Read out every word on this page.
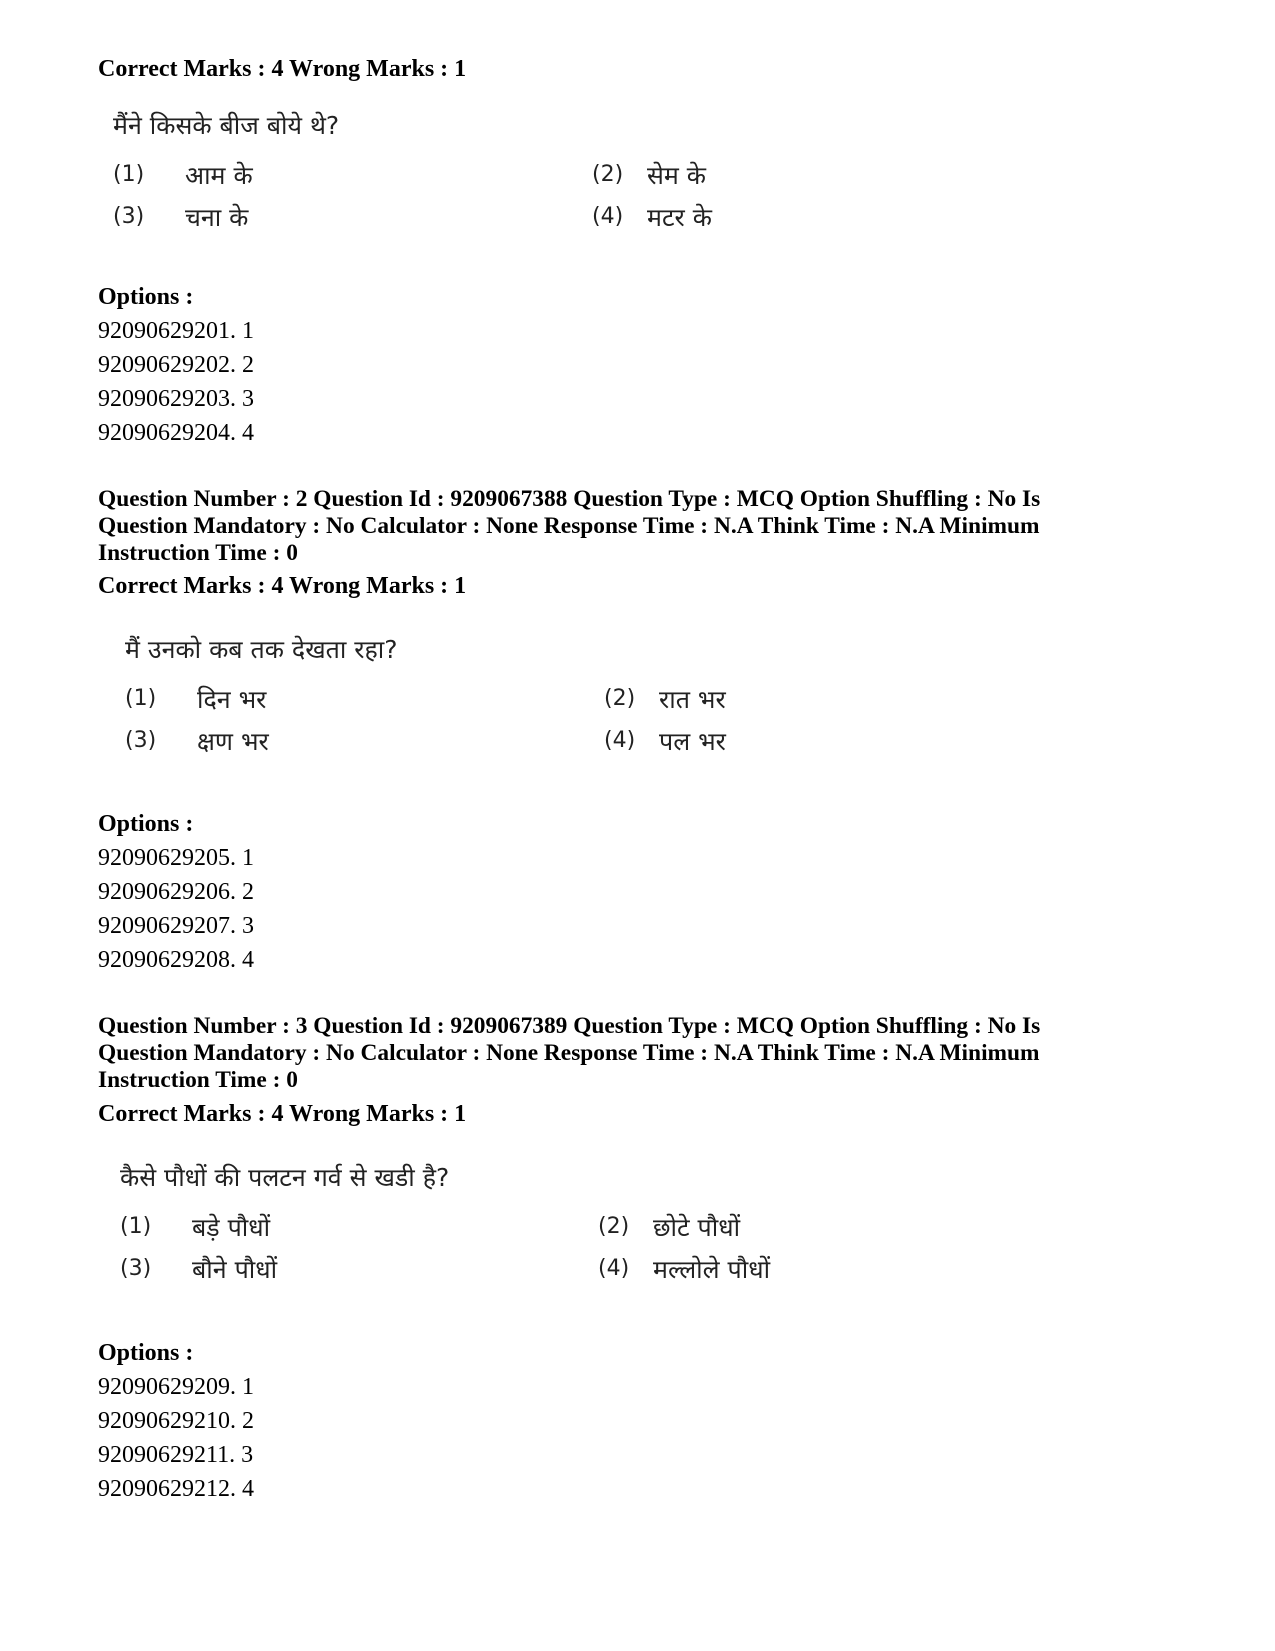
Correct Marks : 4 Wrong Marks : 1
मैंने किसके बीज बोये थे?
(1) आम के	(2) सेम के
(3) चना के	(4) मटर के

Options :

92090629201. 1

92090629202. 2

92090629203. 3

92090629204. 4

Question Number : 2 Question Id : 9209067388 Question Type : MCQ Option Shuffling : No Is
Question Mandatory : No Calculator : None Response Time : N.A Think Time : N.A Minimum
Instruction Time : 0
Correct Marks : 4 Wrong Marks : 1
मैं उनको कब तक देखता रहा?
(1) दिन भर	(2) रात भर
(3) क्षण भर	(4) पल भर

Options :

92090629205. 1

92090629206. 2

92090629207. 3

92090629208. 4

Question Number : 3 Question Id : 9209067389 Question Type : MCQ Option Shuffling : No Is
Question Mandatory : No Calculator : None Response Time : N.A Think Time : N.A Minimum
Instruction Time : 0
Correct Marks : 4 Wrong Marks : 1
कैसे पौधों की पलटन गर्व से खडी है?
(1) बड़े पौधों	(2) छोटे पौधों
(3) बौने पौधों	(4) मल्लोले पौधों

Options :

92090629209. 1

92090629210. 2

92090629211. 3

92090629212. 4
